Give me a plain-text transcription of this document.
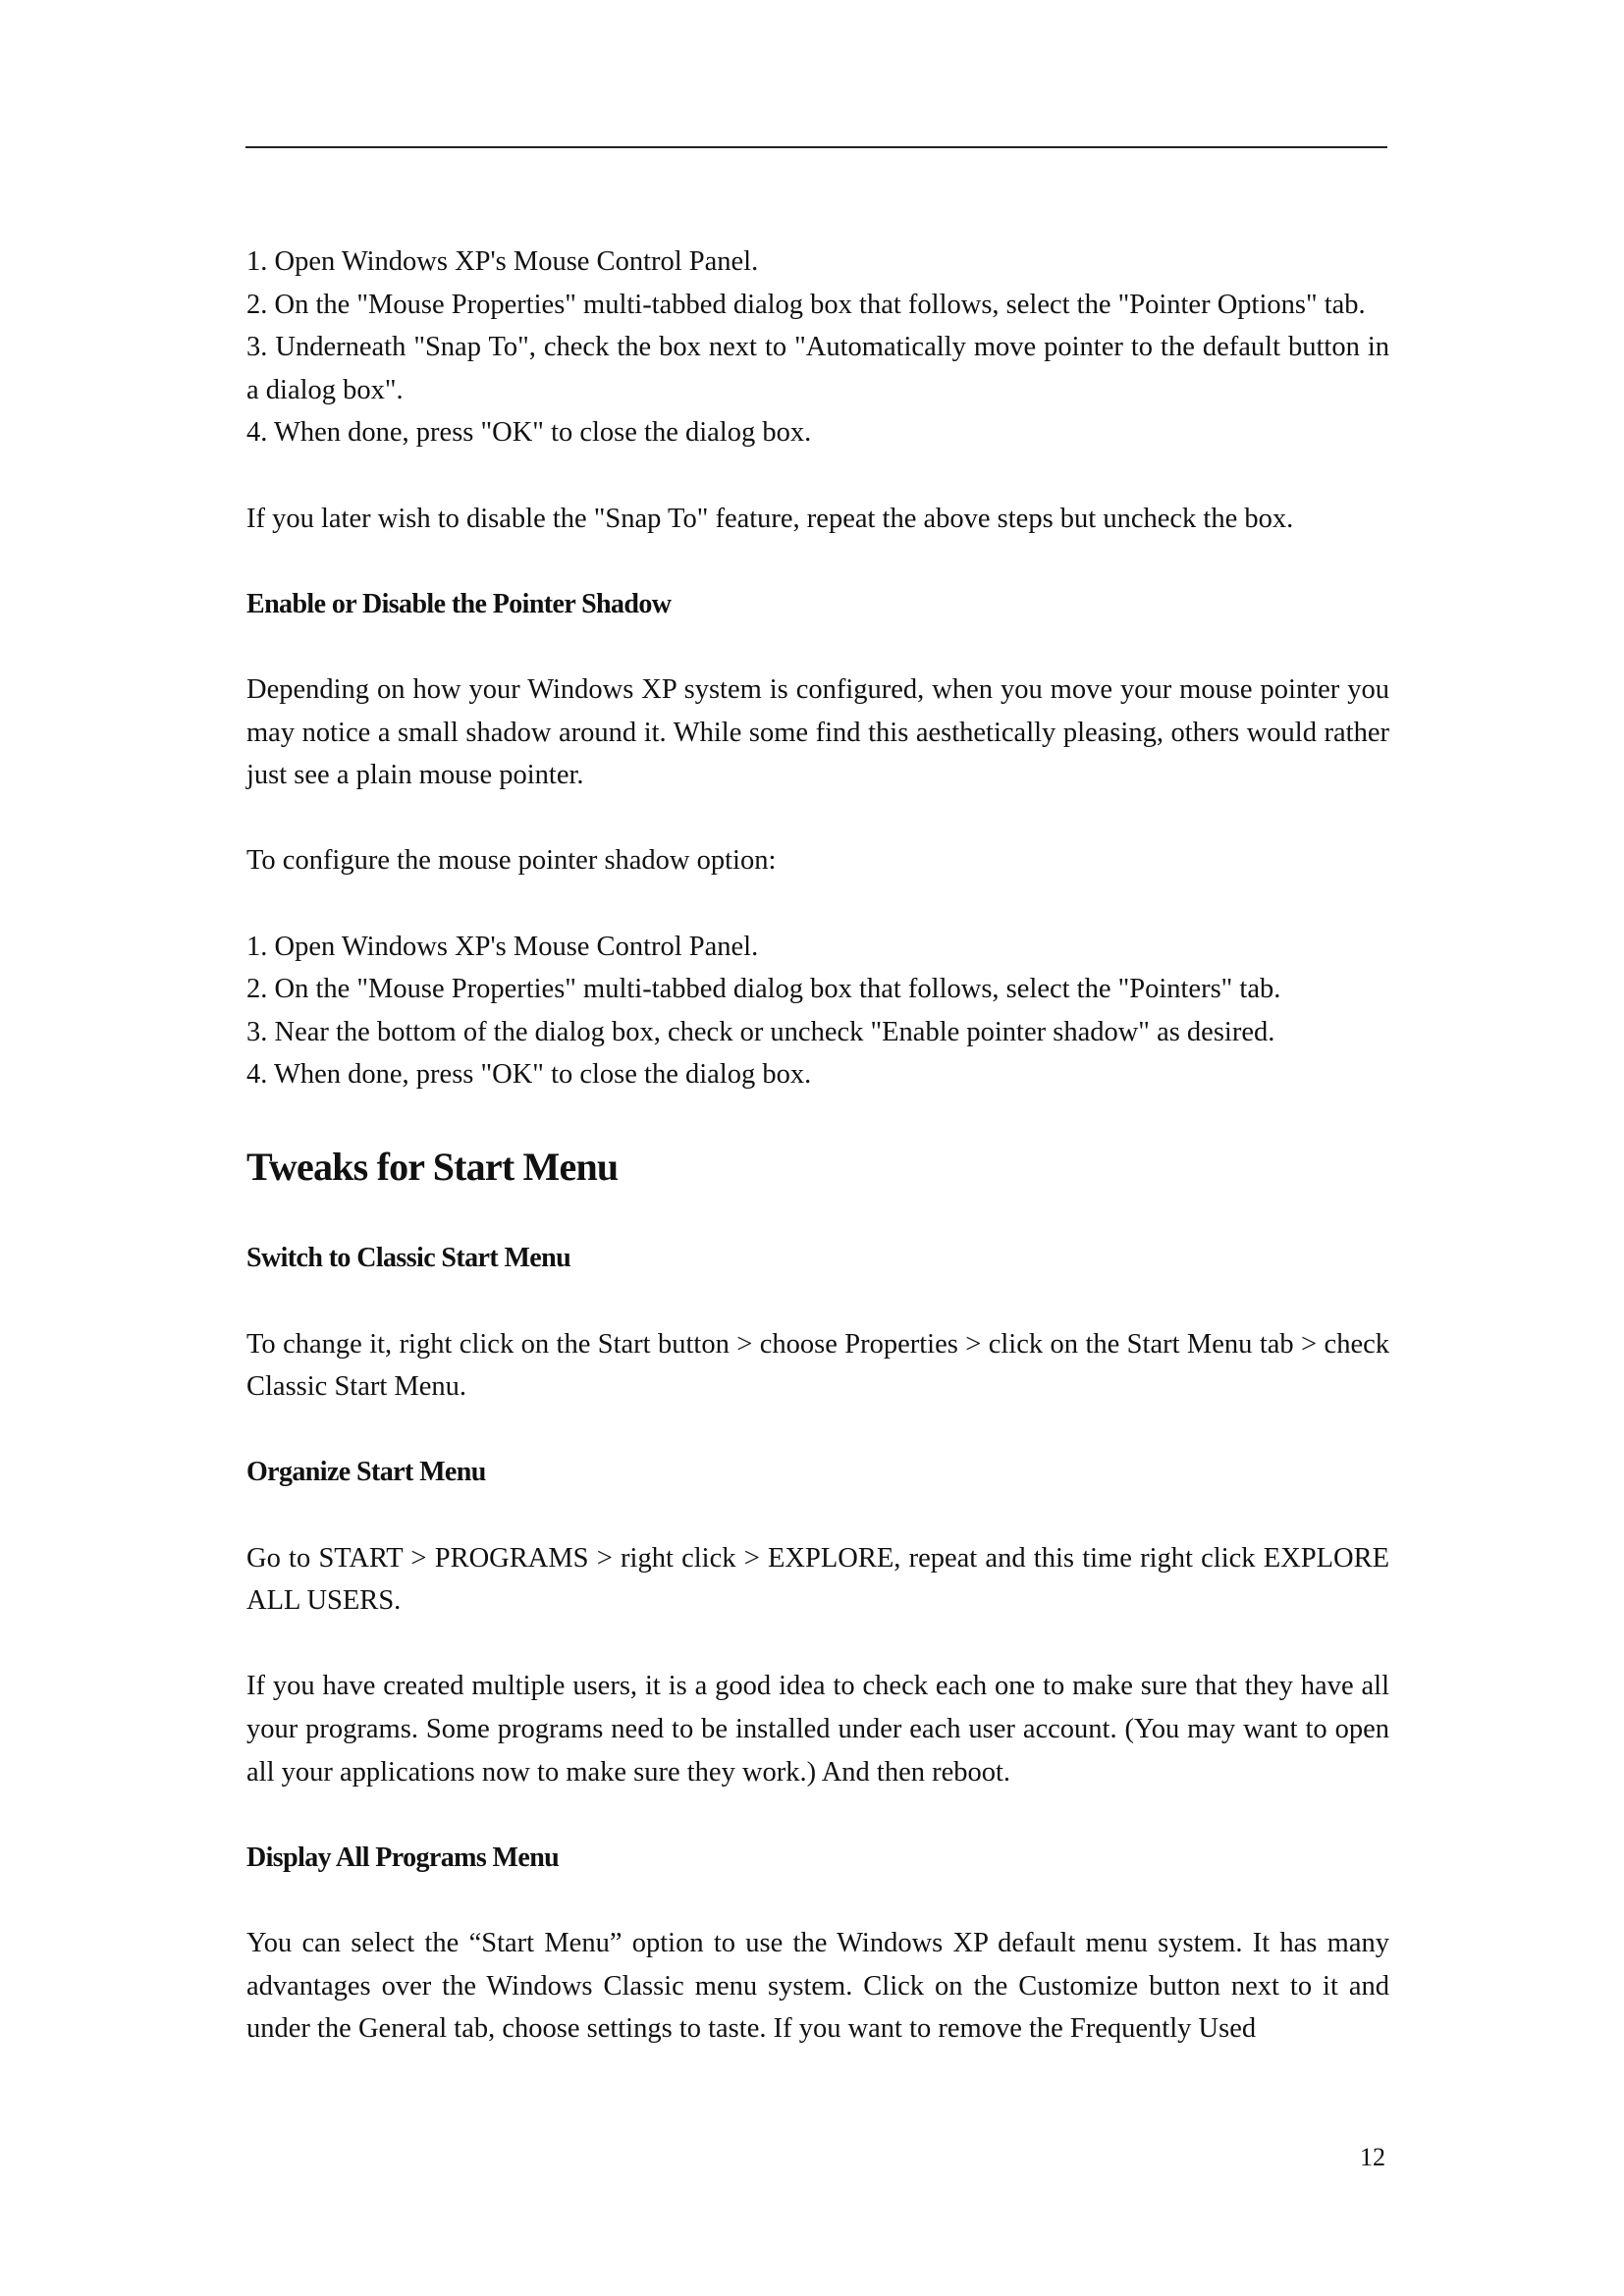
1. Open Windows XP's Mouse Control Panel.

2. On the "Mouse Properties" multi-tabbed dialog box that follows, select the "Pointer Options" tab.

3. Underneath "Snap To", check the box next to "Automatically move pointer to the default button in a dialog box".

4. When done, press "OK" to close the dialog box.

If you later wish to disable the "Snap To" feature, repeat the above steps but uncheck the box.

Enable or Disable the Pointer Shadow

Depending on how your Windows XP system is configured, when you move your mouse pointer you may notice a small shadow around it. While some find this aesthetically pleasing, others would rather just see a plain mouse pointer.

To configure the mouse pointer shadow option:

1. Open Windows XP's Mouse Control Panel.

2. On the "Mouse Properties" multi-tabbed dialog box that follows, select the "Pointers" tab.

3. Near the bottom of the dialog box, check or uncheck "Enable pointer shadow" as desired.

4. When done, press "OK" to close the dialog box.

Tweaks for Start Menu
Switch to Classic Start Menu

To change it, right click on the Start button > choose Properties > click on the Start Menu tab > check Classic Start Menu.

Organize Start Menu

Go to START > PROGRAMS > right click > EXPLORE, repeat and this time right click EXPLORE ALL USERS.

If you have created multiple users, it is a good idea to check each one to make sure that they have all your programs. Some programs need to be installed under each user account. (You may want to open all your applications now to make sure they work.) And then reboot.

Display All Programs Menu

You can select the “Start Menu” option to use the Windows XP default menu system. It has many advantages over the Windows Classic menu system. Click on the Customize button next to it and under the General tab, choose settings to taste. If you want to remove the Frequently Used

12
